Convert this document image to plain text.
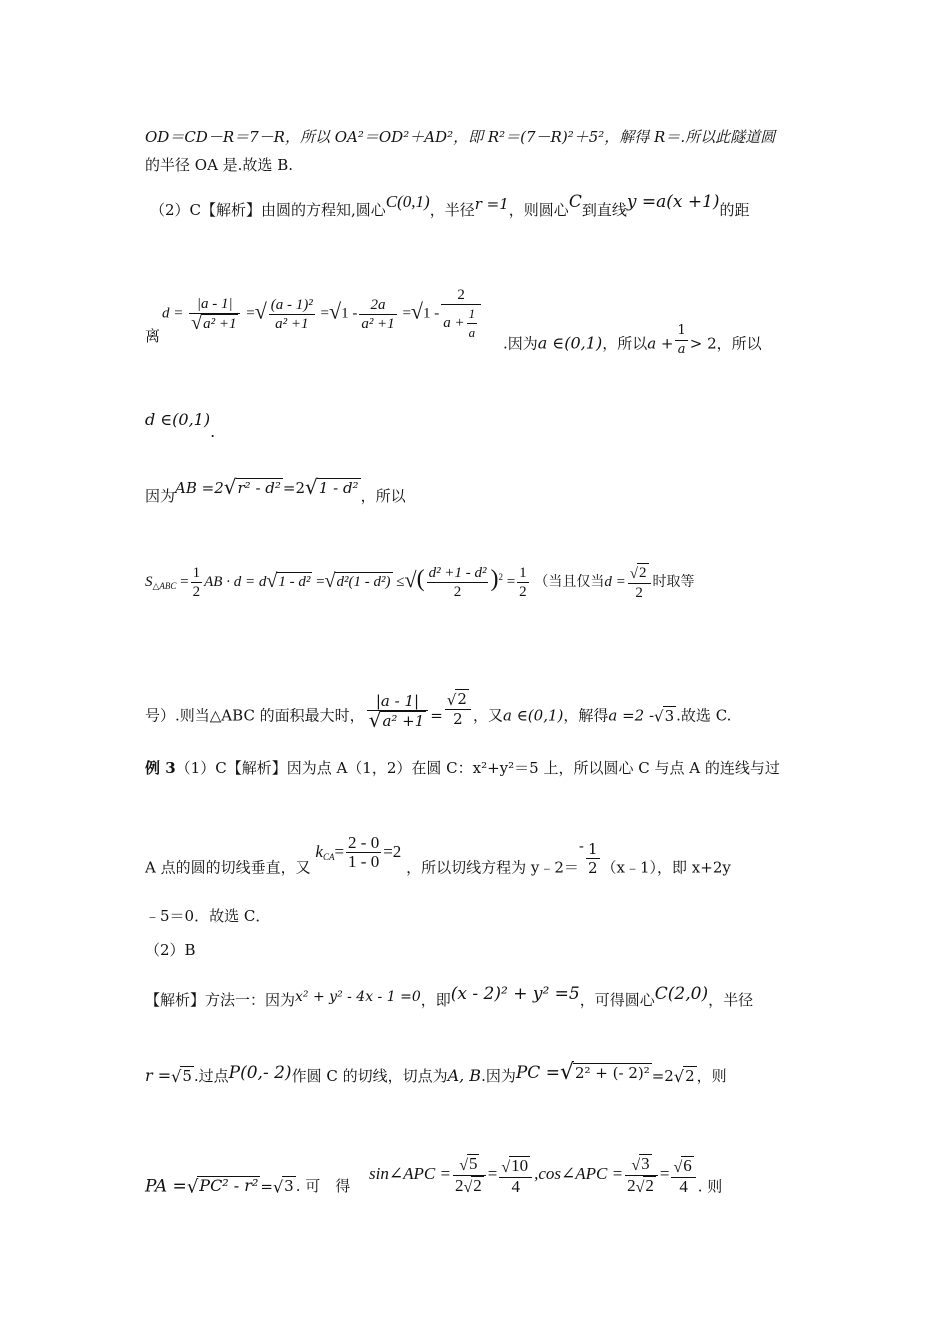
OD＝CD－R＝7－R，所以 OA²＝OD²＋AD²，即 R²＝(7－R)²＋5²，解得 R＝.所以此隧道圆
的半径 OA 是.故选 B.
（2）C【解析】由圆的方程知,圆心C(0,1)，半径r =1，则圆心C到直线y =a(x +1)的距
离
$d = \frac{|a - 1|}{\text{√a² +1}}$ =√ $\frac{\text{(a - 1)²}}{\text{a² +1}} =√1 - \frac{2a}{\text{a² +1}} =√1 - \frac{2}{a + \frac{1}{a}}$
.因为a ∈(0,1)，所以$a + \frac{1}{a} > 2$，所以
d ∈(0,1).
因为AB =2√r² - d² =2√1 - d² ，所以
$S_{\triangle ABC} = \frac{1}{2}$ AB · d = d√1 - d² =√d²(1 - d²) ≤√( $\frac{\text{d² +1 - d²}}{2} )^2 = \frac{1}{2}$ （当且仅当$d = \frac{√2}{2}$ 时取等
号）.则当△ABC 的面积最大时， $\frac{|a - 1|}{\text{√a² +1}} = \frac{√2}{2}$ ，又a ∈(0,1)，解得a =2 -√3 .故选 C.
例 3（1）C【解析】因为点 A（1，2）在圆 C：x²+y²＝5 上，所以圆心 C 与点 A 的连线与过
A 点的圆的切线垂直，又 $k_{CA}= \frac{2 - 0}{1 - 0} =2$ ，所以切线方程为 y﹣2＝- $\frac{1}{2}$ （x﹣1），即 x+2y
﹣5＝0．故选 C．
（2）B
【解析】方法一：因为x² + y² - 4x - 1 =0，即(x - 2)² + y² =5，可得圆心C(2,0)，半径
r =√5 .过点P(0,- 2)作圆 C 的切线，切点为A, B.因为PC =√2² + (- 2)² =2√2 ，则
PA =√PC² - r² =√3 . 可　得 sin∠APC = $\frac{√5}{2√2} = \frac{√10}{4}$ ,cos∠APC = $\frac{√3}{2√2} = \frac{√6}{4}$ . 则
